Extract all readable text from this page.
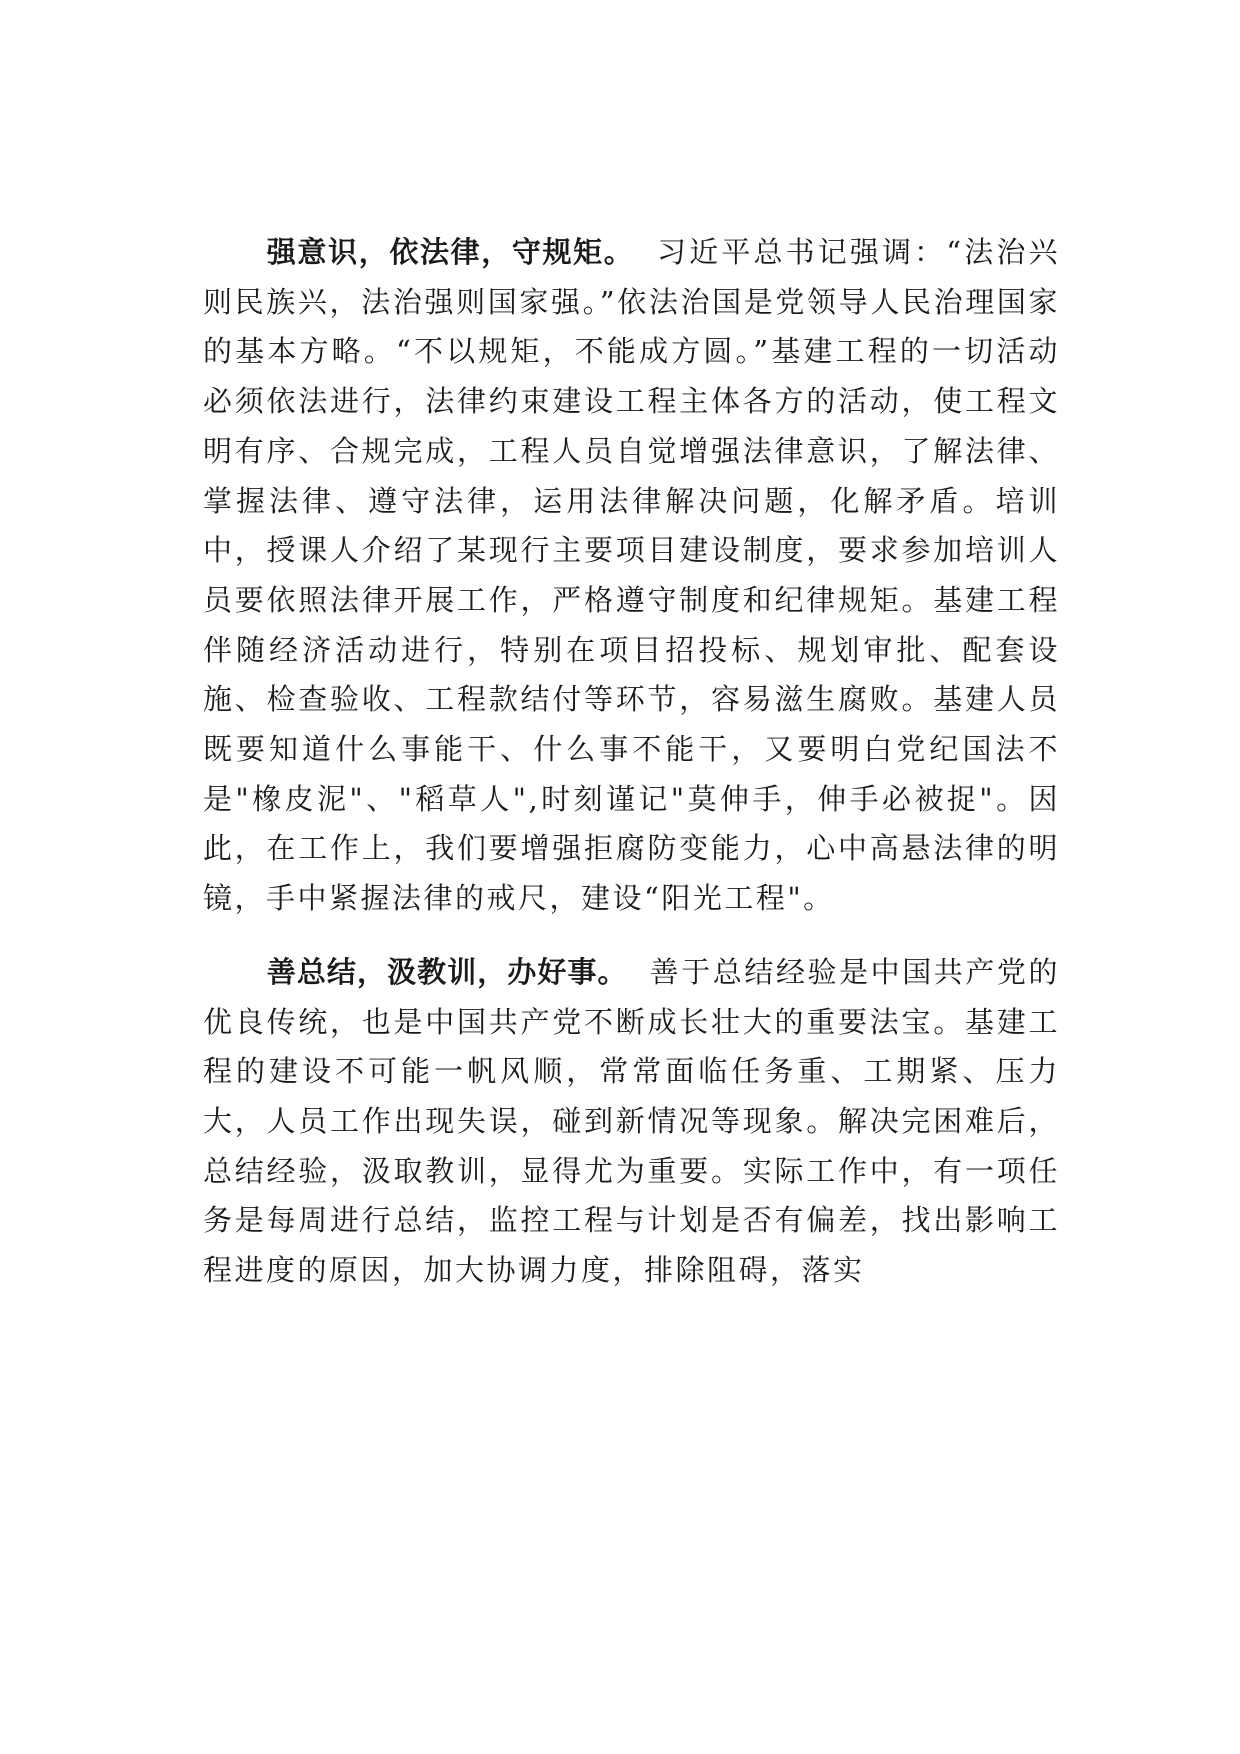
强意识，依法律，守规矩。 习近平总书记强调：“法治兴则民族兴，法治强则国家强。”依法治国是党领导人民治理国家的基本方略。“不以规矩，不能成方圆。”基建工程的一切活动必须依法进行，法律约束建设工程主体各方的活动，使工程文明有序、合规完成，工程人员自觉增强法律意识，了解法律、掌握法律、遵守法律，运用法律解决问题，化解矛盾。培训中，授课人介绍了某现行主要项目建设制度，要求参加培训人员要依照法律开展工作，严格遵守制度和纪律规矩。基建工程伴随经济活动进行，特别在项目招投标、规划审批、配套设施、检查验收、工程款结付等环节，容易滋生腐败。基建人员既要知道什么事能干、什么事不能干，又要明白党纪国法不是"橡皮泥"、"稻草人",时刻谨记"莫伸手，伸手必被捉"。因此，在工作上，我们要增强拒腐防变能力，心中高悬法律的明镜，手中紧握法律的戒尺，建设“阳光工程"。

善总结，汲教训，办好事。 善于总结经验是中国共产党的优良传统，也是中国共产党不断成长壮大的重要法宝。基建工程的建设不可能一帆风顺，常常面临任务重、工期紧、压力大，人员工作出现失误，碰到新情况等现象。解决完困难后，总结经验，汲取教训，显得尤为重要。实际工作中，有一项任务是每周进行总结，监控工程与计划是否有偏差，找出影响工程进度的原因，加大协调力度，排除阻碍，落实
